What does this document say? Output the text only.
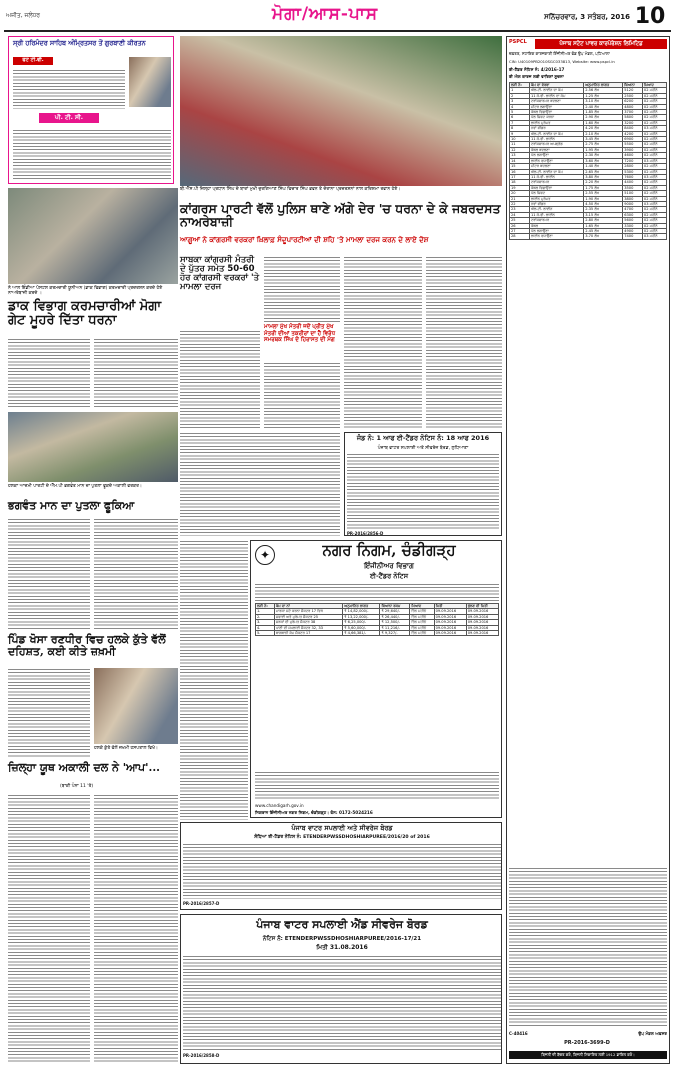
ਅਜੀਤ, ਜਲੰਧਰ	ਮੋਗਾ/ਆਸ-ਪਾਸ	ਸਨਿੱਚਰਵਾਰ, 3 ਸਤੰਬਰ, 2016 10
ਸ੍ਰੀ ਹਰਿਮੰਦਰ ਸਾਹਿਬ ਅੰਮ੍ਰਿਤਸਰ ਤੋਂ ਗੁਰਬਾਣੀ ਕੀਰਤਨ
ਫੋਟੋ ਟੀ.ਵੀ.
ਪੀ. ਟੀ. ਸੀ.
ਬੀ.ਐੱਸ.ਪੀ ਜ਼ਿਲ੍ਹਾ ਪ੍ਰਧਾਨ ਸਿੰਘ ਦੇ ਬਾਰਾਂ ਮੁਖੀ ਦੁਰਗਿਆਣ ਸਿੰਘ ਵਿਚਾਰ ਸਿੰਘ ਭਵਨ ਤੇ ਦੋਰਾਨਾ ਪ੍ਰਦਰਸ਼ਨਾਂ ਨਾਲ ਕਰਿਸ਼ਮਾ ਰਵਾਨ ਹੋਏ।
ਨੇ ਆਲ ਇੰਡੀਆ ਪੋਸਟਲ ਕਰਮਚਾਰੀ ਯੂਨੀਅਨ (ਡਾਕ ਵਿਭਾਗ) ਕਰਮਚਾਰੀ ਪ੍ਰਦਰਸ਼ਨ ਕਰਦੇ ਹੋਏ ਨਾਅਰੇਬਾਜ਼ੀ ਕਰਦੇ ।
ਡਾਕ ਵਿਭਾਗ ਕਰਮਚਾਰੀਆਂ ਮੋਗਾ ਗੇਟ ਮੂਹਰੇ ਦਿੱਤਾ ਧਰਨਾ
ਹਲਕਾ ਆਦਮੀ ਪਾਰਟੀ ਦੇ ਐੱਮ.ਪੀ ਭਗਵੰਤ ਮਾਨ ਦਾ ਪੁਤਲਾ ਫੂਕਦੇ ਅਕਾਲੀ ਵਰਕਰ।
ਭਗਵੰਤ ਮਾਨ ਦਾ ਪੁਤਲਾ ਫੂਕਿਆ
ਪਿੰਡ ਖੋਸਾ ਰਣਧੀਰ ਵਿਚ ਹਲਕੇ ਕੁੱਤੇ ਵੱਲੋਂ ਦਹਿਸ਼ਤ, ਕਈ ਕੀਤੇ ਜ਼ਖ਼ਮੀ
ਹਲਕੇ ਕੁੱਤੇ ਵੱਲੋਂ ਜ਼ਖਮੀ ਹਸਪਤਾਲ ਵਿਖੇ।
ਜ਼ਿਲ੍ਹਾ ਯੂਥ ਅਕਾਲੀ ਦਲ ਨੇ 'ਆਪ'...
(ਬਾਕੀ ਪੰਨਾ 11 'ਤੇ)
ਕਾਂਗਰਸ ਪਾਰਟੀ ਵੱਲੋਂ ਪੁਲਿਸ ਥਾਣੇ ਅੱਗੇ ਦੇਰ 'ਚ ਧਰਨਾ ਦੇ ਕੇ ਜਬਰਦਸਤ ਨਾਅਰੇਬਾਜ਼ੀ
ਆਗੂਆਂ ਨੇ ਕਾਂਗਰਸੀ ਵਰਕਰਾਂ ਖ਼ਿਲਾਫ਼ ਸੰਦੂਪਾਰਟੀਆਂ ਦੀ ਸ਼ਹਿ 'ਤੇ ਮਾਮਲਾ ਦਰਜ ਕਰਨ ਦੇ ਲਾਏ ਦੋਸ਼
ਸਾਬਕਾ ਕਾਂਗਰਸੀ ਮੰਤਰੀ ਦੇ ਪੁੱਤਰ ਸਮੇਤ 50-60 ਹੋਰ ਕਾਂਗਰਸੀ ਵਰਕਰਾਂ 'ਤੇ ਮਾਮਲਾ ਦਰਜ
ਮਾਮਲਾ ਮੁੱਖ ਮੰਤਰੀ ਜਦੋਂ ਪ੍ਰੀਤ ਮੁੱਖ ਮੰਤਰੀ ਦੀਆਂ ਤਕਰੀਰਾਂ ਦਾ ਹੈ ਵਿਰੋਧ ਸਮਰਥਕ ਸਿੰਘ ਦੇ ਹਿਰਾਸਤ ਦੀ ਮੰਗ
ਜੰਡ ਨੰ: 1 ਆਫ ਈ-ਟੈਂਡਰ ਨੋਟਿਸ ਨੰ: 18 ਆਫ 2016
ਪੰਜਾਬ ਵਾਟਰ ਸਪਲਾਈ ਅਤੇ ਸੀਵਰੇਜ ਬੋਰਡ, ਲੁਧਿਆਣਾ
PR-2016/2856-D
✦	ਨਗਰ ਨਿਗਮ, ਚੰਡੀਗੜ੍ਹ
ਇੰਜੀਨੀਅਰ ਵਿਭਾਗ
ਈ-ਟੈਂਡਰ ਨੋਟਿਸ
ਲੜੀ ਨੰ:	ਕੰਮ ਦਾ ਨਾਂ	ਅਨੁਮਾਨਿਤ ਲਾਗਤ	ਬਿਆਨਾ ਰਕਮ	ਮਿਆਦ	ਮਿਤੀ	ਖੁੱਲਣ ਦੀ ਮਿਤੀ
1.	ਮਾਰਕਾ ਸਟੇ ਕਰਨਾ ਸੈਕਟਰ 17 ਵਿਖੇ	₹ 14,82,000/-	₹ 29,640/-	ਤਿੰਨ ਮਹੀਨੇ	09.09.2016	09.09.2016
2.	ਸਫਾਈ ਅਤੇ ਮੁਰੰਮਤ ਸੈਕਟਰ 25	₹ 13,22,000/-	₹ 26,440/-	ਤਿੰਨ ਮਹੀਨੇ	09.09.2016	09.09.2016
3.	ਸੜਕਾਂ ਦੀ ਮੁਰੰਮਤ ਸੈਕਟਰ 38	₹ 6,25,000/-	₹ 12,500/-	ਤਿੰਨ ਮਹੀਨੇ	09.09.2016	09.09.2016
4.	ਪਾਣੀ ਦੀ ਸਪਲਾਈ ਸੈਕਟਰ 32, 33	₹ 5,60,000/-	₹ 11,216/-	ਤਿੰਨ ਮਹੀਨੇ	09.09.2016	09.09.2016
5.	ਬਾਗਬਾਨੀ ਕੰਮ ਸੈਕਟਰ 17	₹ 4,66,381/-	₹ 9,327/-	ਤਿੰਨ ਮਹੀਨੇ	09.09.2016	09.09.2016
www.chandigarh.gov.in
ਨਿਗਰਾਨ ਇੰਜੀਨੀਅਰ ਨਗਰ ਨਿਗਮ, ਚੰਡੀਗੜ੍ਹ। ਫੋਨ: 0172-5024216
ਪੰਜਾਬ ਵਾਟਰ ਸਪਲਾਈ ਅਤੇ ਸੀਵਰੇਜ ਬੋਰਡ
ਸੋਧਿਆ ਈ-ਟੈਂਡਰ ਨੋਟਿਸ ਨੰ: ETENDERPWSSDHOSHIARPUREE/2016/20 of 2016
PR-2016/2857-D
ਪੰਜਾਬ ਵਾਟਰ ਸਪਲਾਈ ਐਂਡ ਸੀਵਰੇਜ ਬੋਰਡ
ਨੋਟਿਸ ਨੰ: ETENDERPWSSDHOSHIARPUREE/2016-17/21
ਮਿਤੀ 31.08.2016
PR-2016/2858-D
PSPCL	ਪੰਜਾਬ ਸਟੇਟ ਪਾਵਰ ਕਾਰਪੋਰੇਸ਼ਨ ਲਿਮਿਟਿਡ
ਦਫ਼ਤਰ, ਸਹਾਇਕ ਕਾਰਜਕਾਰੀ ਇੰਜੀਨੀਅਰ ਵੰਡ ਉਪ ਮੰਡਲ, ਪਟਿਆਲਾ
CIN: U40109PB2010SGC033813, Website: www.pspcl.in
ਈ-ਟੈਂਡਰ ਨੋਟਿਸ ਨੰ: 4/2016-17
ਈ ਐਲ ਕਾਰਜ ਲਈ ਵਾਰਿਸ਼ਾਂ ਸੂਚਨਾ
ਲੜੀ ਨੰ:	ਕੰਮ ਦਾ ਵੇਰਵਾ	ਅਨੁਮਾਨਿਤ ਲਾਗਤ	ਬਿਆਨਾ	ਮਿਆਦ
1	ਐਲ.ਟੀ. ਲਾਈਨ ਦਾ ਕੰਮ	2.56 ਲੱਖ	5120	02 ਮਹੀਨੇ
2	11 ਕੇ.ਵੀ. ਲਾਈਨ ਦਾ ਕੰਮ	1.25 ਲੱਖ	2500	02 ਮਹੀਨੇ
3	ਟਰਾਂਸਫਾਰਮਰ ਬਦਲਣਾ	3.10 ਲੱਖ	6200	02 ਮਹੀਨੇ
4	ਮੀਟਰ ਲਗਾਉਣਾ	2.40 ਲੱਖ	4800	02 ਮਹੀਨੇ
5	ਕੇਬਲ ਵਿਛਾਉਣਾ	1.85 ਲੱਖ	3700	02 ਮਹੀਨੇ
6	ਪੋਲ ਸ਼ਿਫਟ ਕਰਨਾ	2.90 ਲੱਖ	5800	02 ਮਹੀਨੇ
7	ਲਾਈਨ ਮੁਰੰਮਤ	1.60 ਲੱਖ	3200	02 ਮਹੀਨੇ
8	ਨਵਾਂ ਫੀਡਰ	4.20 ਲੱਖ	8400	03 ਮਹੀਨੇ
9	ਐਲ.ਟੀ. ਲਾਈਨ ਦਾ ਕੰਮ	2.10 ਲੱਖ	4200	02 ਮਹੀਨੇ
10	11 ਕੇ.ਵੀ. ਲਾਈਨ	3.45 ਲੱਖ	6900	02 ਮਹੀਨੇ
11	ਟਰਾਂਸਫਾਰਮਰ ਅਪਗ੍ਰੇਡ	2.75 ਲੱਖ	5500	02 ਮਹੀਨੇ
12	ਕੇਬਲ ਬਦਲਣਾ	1.95 ਲੱਖ	3900	02 ਮਹੀਨੇ
13	ਪੋਲ ਲਗਾਉਣਾ	2.30 ਲੱਖ	4600	02 ਮਹੀਨੇ
14	ਲਾਈਨ ਵਧਾਉਣਾ	3.60 ਲੱਖ	7200	03 ਮਹੀਨੇ
15	ਮੀਟਰ ਬਦਲਣਾ	1.40 ਲੱਖ	2800	02 ਮਹੀਨੇ
16	ਐਲ.ਟੀ. ਲਾਈਨ ਦਾ ਕੰਮ	2.65 ਲੱਖ	5300	02 ਮਹੀਨੇ
17	11 ਕੇ.ਵੀ. ਲਾਈਨ	3.80 ਲੱਖ	7600	03 ਮਹੀਨੇ
18	ਟਰਾਂਸਫਾਰਮਰ	2.20 ਲੱਖ	4400	02 ਮਹੀਨੇ
19	ਕੇਬਲ ਵਿਛਾਉਣਾ	1.75 ਲੱਖ	3500	02 ਮਹੀਨੇ
20	ਪੋਲ ਸ਼ਿਫਟ	2.55 ਲੱਖ	5100	02 ਮਹੀਨੇ
21	ਲਾਈਨ ਮੁਰੰਮਤ	1.90 ਲੱਖ	3800	02 ਮਹੀਨੇ
22	ਨਵਾਂ ਫੀਡਰ	4.50 ਲੱਖ	9000	03 ਮਹੀਨੇ
23	ਐਲ.ਟੀ. ਲਾਈਨ	2.35 ਲੱਖ	4700	02 ਮਹੀਨੇ
24	11 ਕੇ.ਵੀ. ਲਾਈਨ	3.15 ਲੱਖ	6300	02 ਮਹੀਨੇ
25	ਟਰਾਂਸਫਾਰਮਰ	2.80 ਲੱਖ	5600	02 ਮਹੀਨੇ
26	ਕੇਬਲ	1.65 ਲੱਖ	3300	02 ਮਹੀਨੇ
27	ਪੋਲ ਲਗਾਉਣਾ	2.45 ਲੱਖ	4900	02 ਮਹੀਨੇ
28	ਲਾਈਨ ਵਧਾਉਣਾ	3.70 ਲੱਖ	7400	03 ਮਹੀਨੇ
C-40416	ਉਪ ਮੰਡਲ ਅਫ਼ਸਰ
PR-2016-3699-D
ਬਿਜਲੀ ਦੀ ਬੱਚਤ ਕਰੋ, ਬਿਜਲੀ ਸ਼ਿਕਾਇਤ ਲਈ 1912 ਡਾਇਲ ਕਰੋ।
